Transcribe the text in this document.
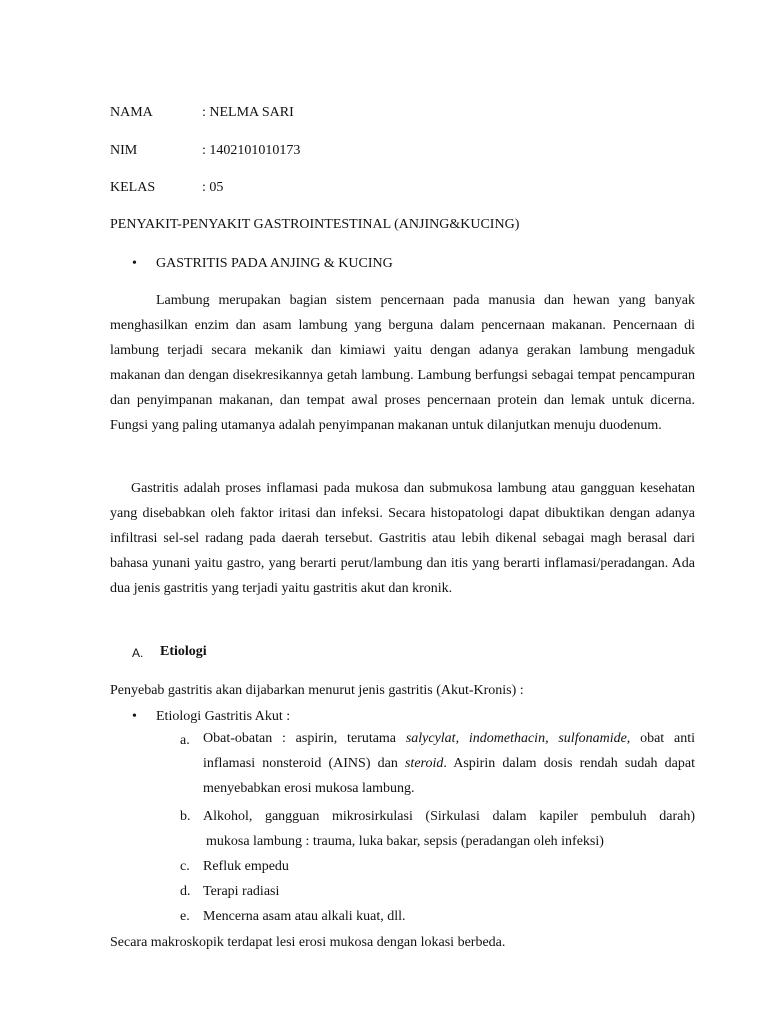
NAMA	: NELMA SARI
NIM	: 1402101010173
KELAS	: 05
PENYAKIT-PENYAKIT GASTROINTESTINAL (ANJING&KUCING)
• GASTRITIS PADA ANJING & KUCING
Lambung merupakan bagian sistem pencernaan pada manusia dan hewan yang banyak menghasilkan enzim dan asam lambung yang berguna dalam pencernaan makanan. Pencernaan di lambung terjadi secara mekanik dan kimiawi yaitu dengan adanya gerakan lambung mengaduk makanan dan dengan disekresikannya getah lambung. Lambung berfungsi sebagai tempat pencampuran dan penyimpanan makanan, dan tempat awal proses pencernaan protein dan lemak untuk dicerna. Fungsi yang paling utamanya adalah penyimpanan makanan untuk dilanjutkan menuju duodenum.
Gastritis adalah proses inflamasi pada mukosa dan submukosa lambung atau gangguan kesehatan yang disebabkan oleh faktor iritasi dan infeksi. Secara histopatologi dapat dibuktikan dengan adanya infiltrasi sel-sel radang pada daerah tersebut. Gastritis atau lebih dikenal sebagai magh berasal dari bahasa yunani yaitu gastro, yang berarti perut/lambung dan itis yang berarti inflamasi/peradangan. Ada dua jenis gastritis yang terjadi yaitu gastritis akut dan kronik.
A. Etiologi
Penyebab gastritis akan dijabarkan menurut jenis gastritis (Akut-Kronis) :
• Etiologi Gastritis Akut :
a. Obat-obatan : aspirin, terutama salycylat, indomethacin, sulfonamide, obat anti inflamasi nonsteroid (AINS) dan steroid. Aspirin dalam dosis rendah sudah dapat menyebabkan erosi mukosa lambung.
b. Alkohol, gangguan mikrosirkulasi (Sirkulasi dalam kapiler pembuluh darah)
mukosa lambung : trauma, luka bakar, sepsis (peradangan oleh infeksi)
c. Refluk empedu
d. Terapi radiasi
e. Mencerna asam atau alkali kuat, dll.
Secara makroskopik terdapat lesi erosi mukosa dengan lokasi berbeda.
